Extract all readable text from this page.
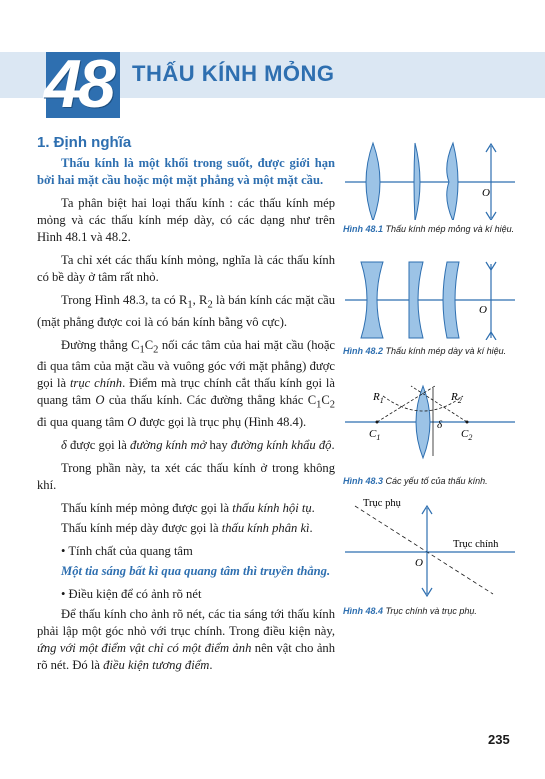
48 THẤU KÍNH MỎNG
1. Định nghĩa
Thấu kính là một khối trong suốt, được giới hạn bởi hai mặt cầu hoặc một mặt phẳng và một mặt cầu.

Ta phân biệt hai loại thấu kính : các thấu kính mép mỏng và các thấu kính mép dày, có các dạng như trên Hình 48.1 và 48.2.

Ta chỉ xét các thấu kính mỏng, nghĩa là các thấu kính có bề dày ở tâm rất nhỏ.

Trong Hình 48.3, ta có $R_1$, $R_2$ là bán kính các mặt cầu (mặt phẳng được coi là có bán kính bằng vô cực).

Đường thẳng $C_1C_2$ nối các tâm của hai mặt cầu (hoặc đi qua tâm của mặt cầu và vuông góc với mặt phẳng) được gọi là trục chính. Điểm mà trục chính cắt thấu kính gọi là quang tâm O của thấu kính. Các đường thẳng khác $C_1C_2$ đi qua quang tâm O được gọi là trục phụ (Hình 48.4).

δ được gọi là đường kính mở hay đường kính khẩu độ.

Trong phần này, ta xét các thấu kính ở trong không khí.

Thấu kính mép mỏng được gọi là thấu kính hội tụ.

Thấu kính mép dày được gọi là thấu kính phân kì.

• Tính chất của quang tâm
Một tia sáng bất kì qua quang tâm thì truyền thẳng.
• Điều kiện để có ảnh rõ nét

Để thấu kính cho ảnh rõ nét, các tia sáng tới thấu kính phải lập một góc nhỏ với trục chính. Trong điều kiện này, ứng với một điểm vật chỉ có một điểm ảnh nên vật cho ảnh rõ nét. Đó là điều kiện tương điểm.

O
Hình 48.1 Thấu kính mép mỏng và kí hiệu.
O
Hình 48.2 Thấu kính mép dày và kí hiệu.
$R_1$	$R_2$
$C_1$	$C_2$
δ
Hình 48.3 Các yếu tố của thấu kính.
Trục phụ
Trục chính
O
Hình 48.4 Trục chính và trục phụ.
235
